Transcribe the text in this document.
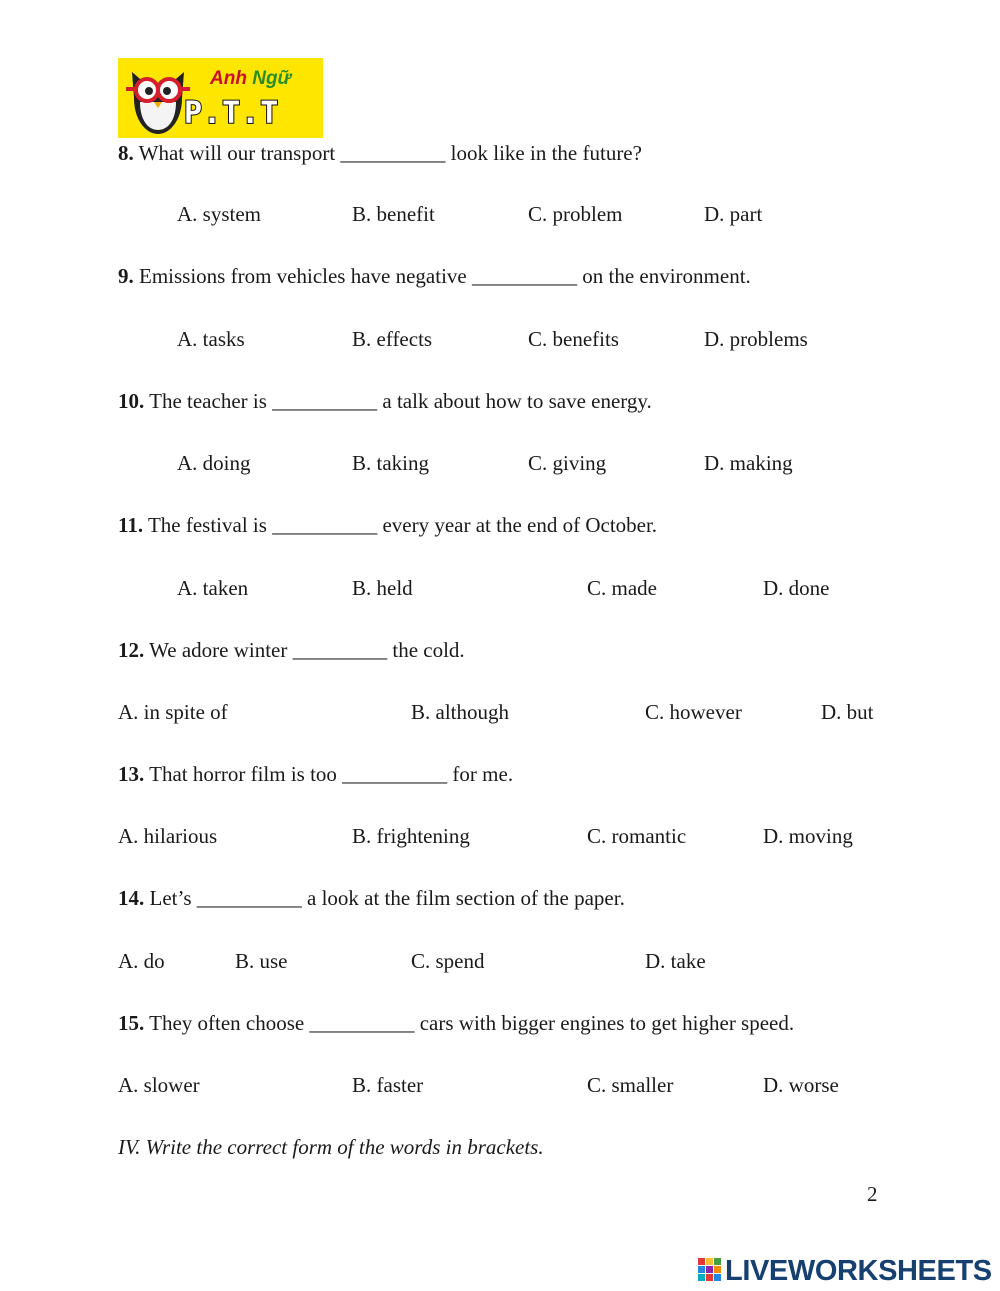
Anh Ngữ
P.T.T
8. What will our transport __________ look like in the future?
A. system	B. benefit	C. problem	D. part
9. Emissions from vehicles have negative __________ on the environment.
A. tasks	B. effects	C. benefits	D. problems
10. The teacher is __________ a talk about how to save energy.
A. doing	B. taking	C. giving	D. making
11. The festival is __________ every year at the end of October.
A. taken	B. held	C. made	D. done
12. We adore winter _________ the cold.
A. in spite of	B. although	C. however	D. but
13. That horror film is too __________ for me.
A. hilarious	B. frightening	C. romantic	D. moving
14. Let’s __________ a look at the film section of the paper.
A. do	B. use	C. spend	D. take
15. They often choose __________ cars with bigger engines to get higher speed.
A. slower	B. faster	C. smaller	D. worse
IV. Write the correct form of the words in brackets.
2
LIVEWORKSHEETS
